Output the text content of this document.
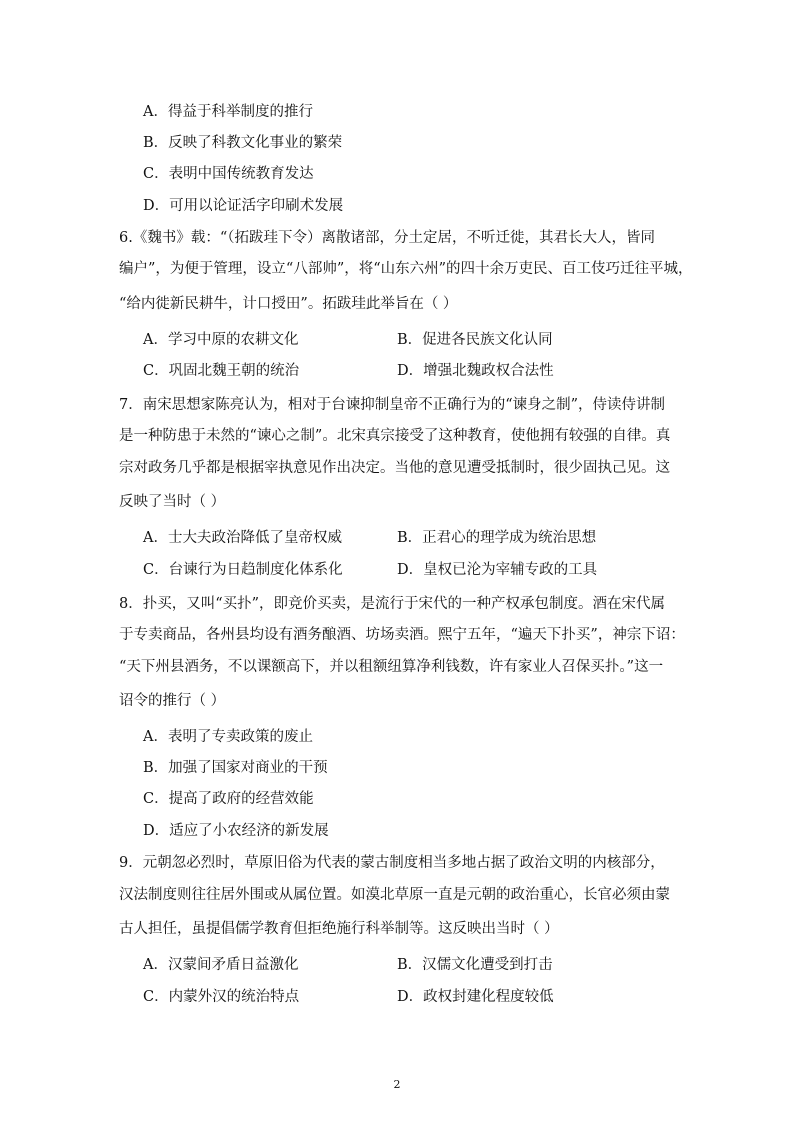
A．得益于科举制度的推行
B．反映了科教文化事业的繁荣
C．表明中国传统教育发达
D．可用以论证活字印刷术发展
6.《魏书》载：“（拓跋珪下令）离散诸部，分土定居，不听迁徙，其君长大人，皆同
编户”，为便于管理，设立“八部帅”，将“山东六州”的四十余万吏民、百工伎巧迁往平城，
“给内徙新民耕牛，计口授田”。拓跋珪此举旨在（ ）
A．学习中原的农耕文化	B．促进各民族文化认同
C．巩固北魏王朝的统治	D．增强北魏政权合法性
7．南宋思想家陈亮认为，相对于台谏抑制皇帝不正确行为的“谏身之制”，侍读侍讲制
是一种防患于未然的“谏心之制”。北宋真宗接受了这种教育，使他拥有较强的自律。真
宗对政务几乎都是根据宰执意见作出决定。当他的意见遭受抵制时，很少固执己见。这
反映了当时（ ）
A．士大夫政治降低了皇帝权威	B．正君心的理学成为统治思想
C．台谏行为日趋制度化体系化	D．皇权已沦为宰辅专政的工具
8．扑买，又叫“买扑”，即竞价买卖，是流行于宋代的一种产权承包制度。酒在宋代属
于专卖商品，各州县均设有酒务酿酒、坊场卖酒。熙宁五年，“遍天下扑买”，神宗下诏：
“天下州县酒务，不以课额高下，并以租额纽算净利钱数，许有家业人召保买扑。”这一
诏令的推行（ ）
A．表明了专卖政策的废止
B．加强了国家对商业的干预
C．提高了政府的经营效能
D．适应了小农经济的新发展
9．元朝忽必烈时，草原旧俗为代表的蒙古制度相当多地占据了政治文明的内核部分，
汉法制度则往往居外围或从属位置。如漠北草原一直是元朝的政治重心，长官必须由蒙
古人担任，虽提倡儒学教育但拒绝施行科举制等。这反映出当时（ ）
A．汉蒙间矛盾日益激化	B．汉儒文化遭受到打击
C．内蒙外汉的统治特点	D．政权封建化程度较低
2
